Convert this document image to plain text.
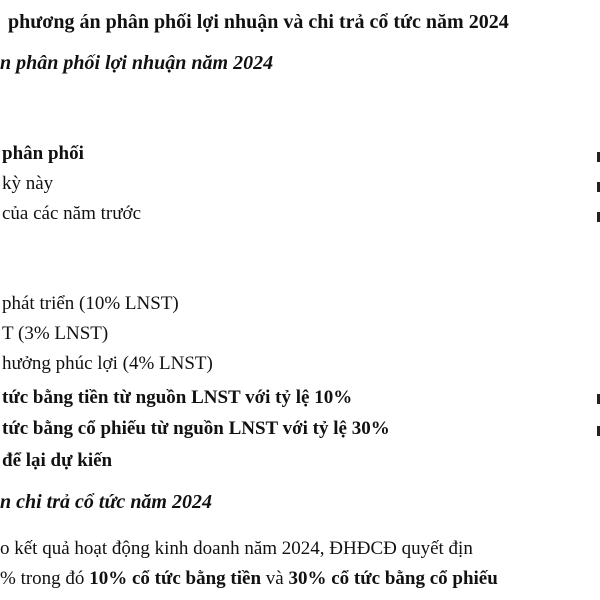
phương án phân phối lợi nhuận và chi trả cổ tức năm 2024
n phân phối lợi nhuận năm 2024
phân phối
kỳ này
của các năm trước
phát triển (10% LNST)
T (3% LNST)
hưởng phúc lợi (4% LNST)
tức bằng tiền từ nguồn LNST với tỷ lệ 10%
tức bằng cổ phiếu từ nguồn LNST với tỷ lệ 30%
để lại dự kiến
n chi trả cổ tức năm 2024
o kết quả hoạt động kinh doanh năm 2024, ĐHĐCĐ quyết địn
% trong đó 10% cổ tức bằng tiền và 30% cổ tức bằng cổ phiếu
